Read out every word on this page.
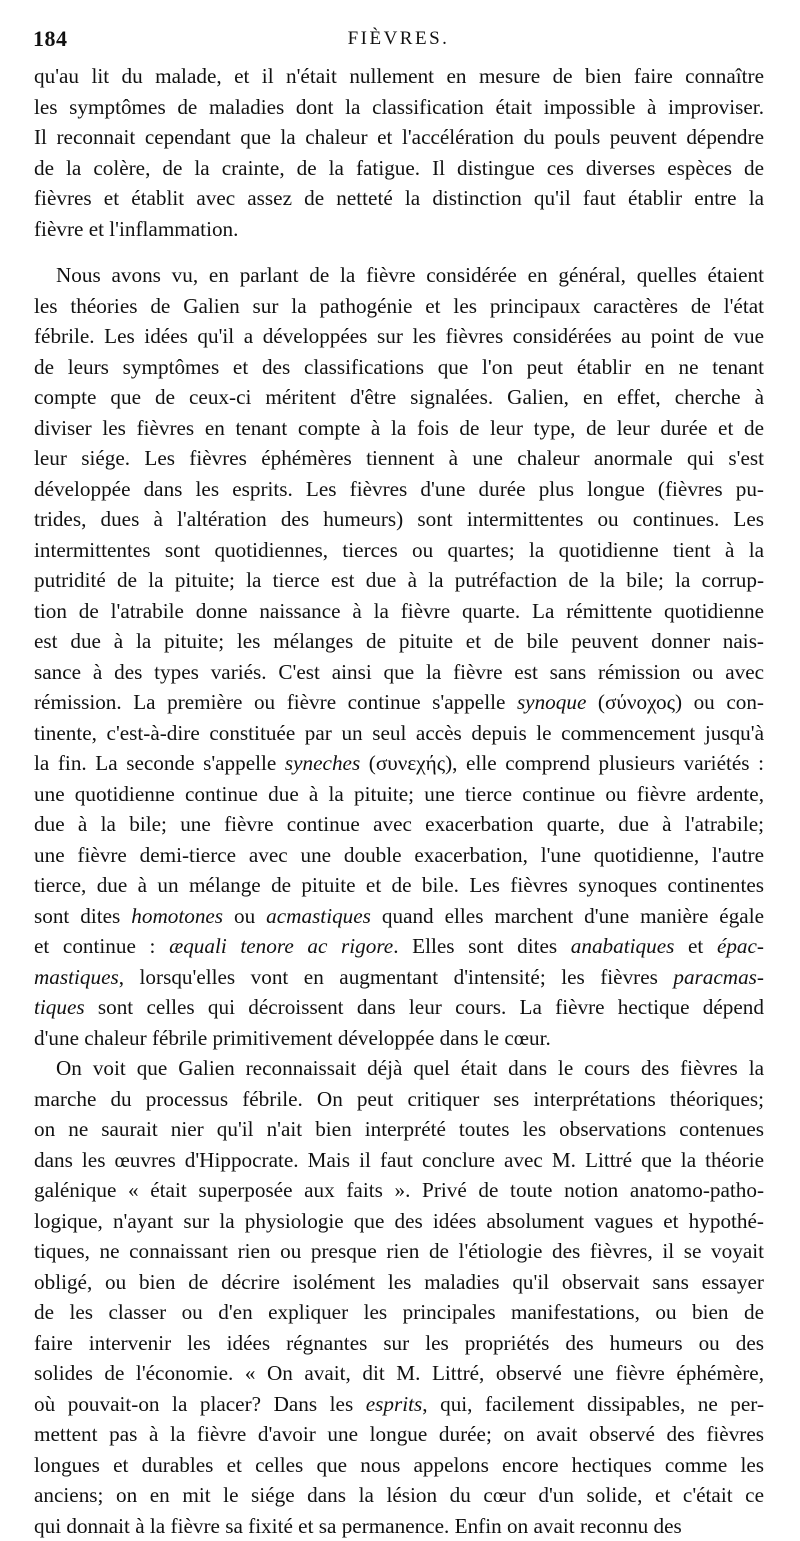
184	FIÈVRES.
qu'au lit du malade, et il n'était nullement en mesure de bien faire connaître
les symptômes de maladies dont la classification était impossible à improviser.
Il reconnait cependant que la chaleur et l'accélération du pouls peuvent dépendre
de la colère, de la crainte, de la fatigue. Il distingue ces diverses espèces de
fièvres et établit avec assez de netteté la distinction qu'il faut établir entre la
fièvre et l'inflammation.
Nous avons vu, en parlant de la fièvre considérée en général, quelles étaient
les théories de Galien sur la pathogénie et les principaux caractères de l'état
fébrile. Les idées qu'il a développées sur les fièvres considérées au point de vue
de leurs symptômes et des classifications que l'on peut établir en ne tenant
compte que de ceux-ci méritent d'être signalées. Galien, en effet, cherche à
diviser les fièvres en tenant compte à la fois de leur type, de leur durée et de
leur siége. Les fièvres éphémères tiennent à une chaleur anormale qui s'est
développée dans les esprits. Les fièvres d'une durée plus longue (fièvres pu-
trides, dues à l'altération des humeurs) sont intermittentes ou continues. Les
intermittentes sont quotidiennes, tierces ou quartes; la quotidienne tient à la
putridité de la pituite; la tierce est due à la putréfaction de la bile; la corrup-
tion de l'atrabile donne naissance à la fièvre quarte. La rémittente quotidienne
est due à la pituite; les mélanges de pituite et de bile peuvent donner nais-
sance à des types variés. C'est ainsi que la fièvre est sans rémission ou avec
rémission. La première ou fièvre continue s'appelle synoque (σύνοχος) ou con-
tinente, c'est-à-dire constituée par un seul accès depuis le commencement jusqu'à
la fin. La seconde s'appelle syneches (συνεχής), elle comprend plusieurs variétés :
une quotidienne continue due à la pituite; une tierce continue ou fièvre ardente,
due à la bile; une fièvre continue avec exacerbation quarte, due à l'atrabile;
une fièvre demi-tierce avec une double exacerbation, l'une quotidienne, l'autre
tierce, due à un mélange de pituite et de bile. Les fièvres synoques continentes
sont dites homotones ou acmastiques quand elles marchent d'une manière égale
et continue : æquali tenore ac rigore. Elles sont dites anabatiques et épac-
mastiques, lorsqu'elles vont en augmentant d'intensité; les fièvres paracmas-
tiques sont celles qui décroissent dans leur cours. La fièvre hectique dépend
d'une chaleur fébrile primitivement développée dans le cœur.
On voit que Galien reconnaissait déjà quel était dans le cours des fièvres la
marche du processus fébrile. On peut critiquer ses interprétations théoriques;
on ne saurait nier qu'il n'ait bien interprété toutes les observations contenues
dans les œuvres d'Hippocrate. Mais il faut conclure avec M. Littré que la théorie
galénique « était superposée aux faits ». Privé de toute notion anatomo-patho-
logique, n'ayant sur la physiologie que des idées absolument vagues et hypothé-
tiques, ne connaissant rien ou presque rien de l'étiologie des fièvres, il se voyait
obligé, ou bien de décrire isolément les maladies qu'il observait sans essayer
de les classer ou d'en expliquer les principales manifestations, ou bien de
faire intervenir les idées régnantes sur les propriétés des humeurs ou des
solides de l'économie. « On avait, dit M. Littré, observé une fièvre éphémère,
où pouvait-on la placer? Dans les esprits, qui, facilement dissipables, ne per-
mettent pas à la fièvre d'avoir une longue durée; on avait observé des fièvres
longues et durables et celles que nous appelons encore hectiques comme les
anciens; on en mit le siége dans la lésion du cœur d'un solide, et c'était ce
qui donnait à la fièvre sa fixité et sa permanence. Enfin on avait reconnu des
